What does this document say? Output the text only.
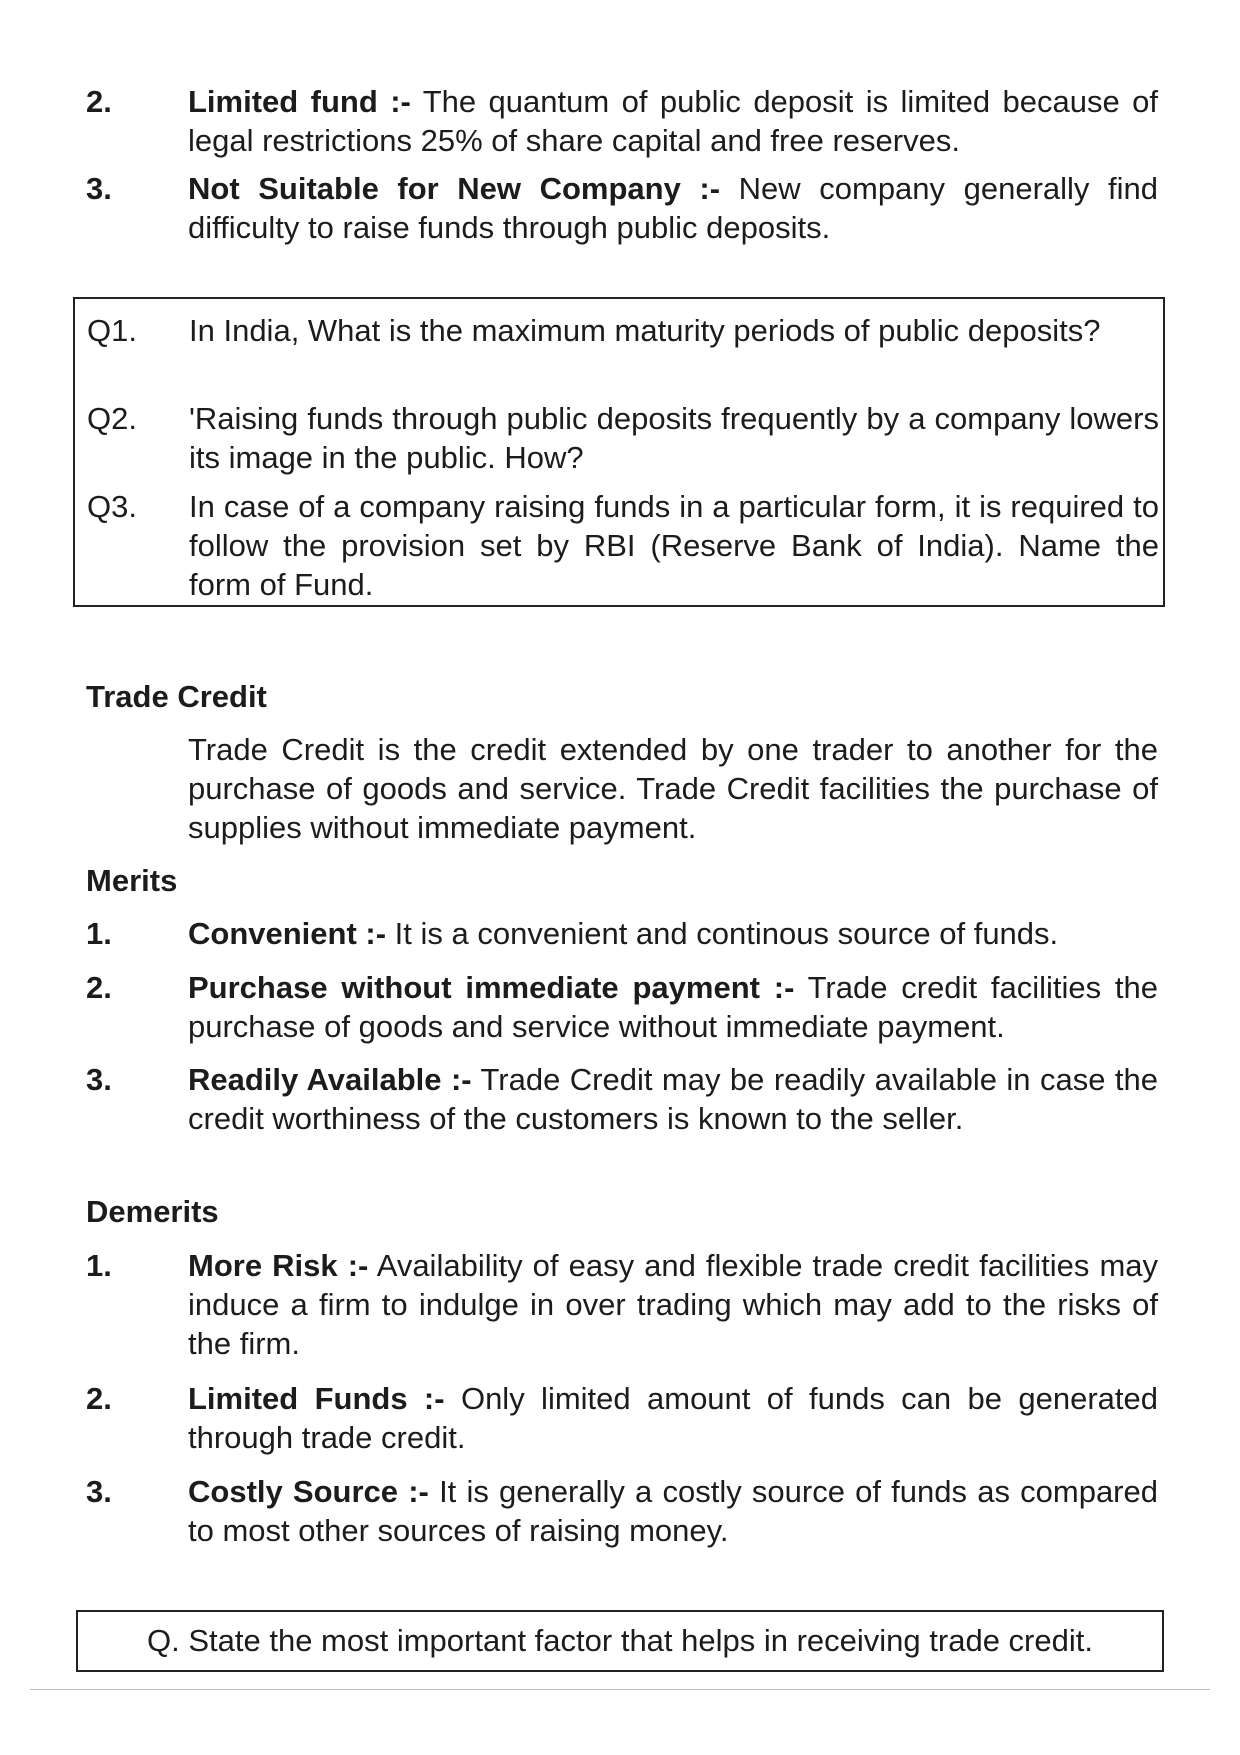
2.	Limited fund :- The quantum of public deposit is limited because of legal restrictions 25% of share capital and free reserves.
3.	Not Suitable for New Company :- New company generally find difficulty to raise funds through public deposits.
Q1.	In India, What is the maximum maturity periods of public deposits?
Q2.	'Raising funds through public deposits frequently by a company lowers its image in the public. How?
Q3.	In case of a company raising funds in a particular form, it is required to follow the provision set by RBI (Reserve Bank of India). Name the form of Fund.
Trade Credit
Trade Credit is the credit extended by one trader to another for the purchase of goods and service. Trade Credit facilities the purchase of supplies without immediate payment.
Merits
1.	Convenient :- It is a convenient and continous source of funds.
2.	Purchase without immediate payment :- Trade credit facilities the purchase of goods and service without immediate payment.
3.	Readily Available :- Trade Credit may be readily available in case the credit worthiness of the customers is known to the seller.
Demerits
1.	More Risk :- Availability of easy and flexible trade credit facilities may induce a firm to indulge in over trading which may add to the risks of the firm.
2.	Limited Funds :- Only limited amount of funds can be generated through trade credit.
3.	Costly Source :- It is generally a costly source of funds as compared to most other sources of raising money.
Q. State the most important factor that helps in receiving trade credit.
